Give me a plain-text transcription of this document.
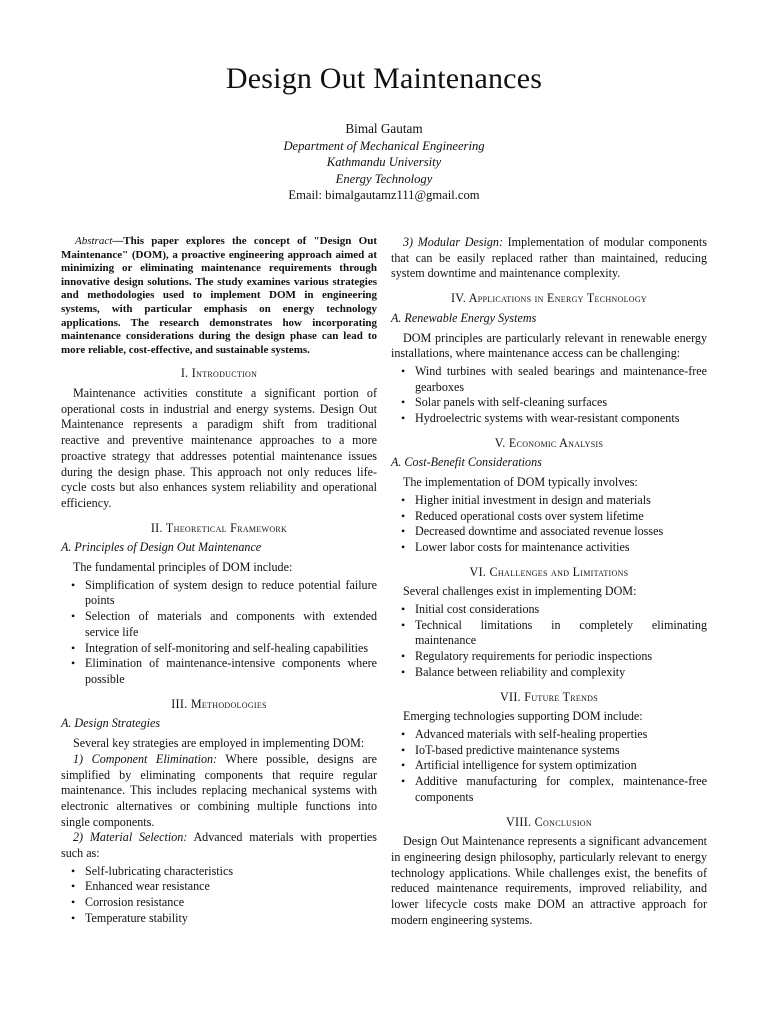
Design Out Maintenances
Bimal Gautam
Department of Mechanical Engineering
Kathmandu University
Energy Technology
Email: bimalgautamz111@gmail.com

Abstract—This paper explores the concept of "Design Out Maintenance" (DOM), a proactive engineering approach aimed at minimizing or eliminating maintenance requirements through innovative design solutions. The study examines various strategies and methodologies used to implement DOM in engineering systems, with particular emphasis on energy technology applications. The research demonstrates how incorporating maintenance considerations during the design phase can lead to more reliable, cost-effective, and sustainable systems.

I. Introduction

Maintenance activities constitute a significant portion of operational costs in industrial and energy systems. Design Out Maintenance represents a paradigm shift from traditional reactive and preventive maintenance approaches to a more proactive strategy that addresses potential maintenance issues during the design phase. This approach not only reduces life-cycle costs but also enhances system reliability and operational efficiency.

II. Theoretical Framework
A. Principles of Design Out Maintenance

The fundamental principles of DOM include:

• Simplification of system design to reduce potential failure points
• Selection of materials and components with extended service life
• Integration of self-monitoring and self-healing capabilities
• Elimination of maintenance-intensive components where possible
III. Methodologies
A. Design Strategies

Several key strategies are employed in implementing DOM:

1) Component Elimination: Where possible, designs are simplified by eliminating components that require regular maintenance. This includes replacing mechanical systems with electronic alternatives or combining multiple functions into single components.

2) Material Selection: Advanced materials with properties such as:

• Self-lubricating characteristics
• Enhanced wear resistance
• Corrosion resistance
• Temperature stability

3) Modular Design: Implementation of modular components that can be easily replaced rather than maintained, reducing system downtime and maintenance complexity.

IV. Applications in Energy Technology
A. Renewable Energy Systems

DOM principles are particularly relevant in renewable energy installations, where maintenance access can be challenging:

• Wind turbines with sealed bearings and maintenance-free gearboxes
• Solar panels with self-cleaning surfaces
• Hydroelectric systems with wear-resistant components
V. Economic Analysis
A. Cost-Benefit Considerations

The implementation of DOM typically involves:

• Higher initial investment in design and materials
• Reduced operational costs over system lifetime
• Decreased downtime and associated revenue losses
• Lower labor costs for maintenance activities
VI. Challenges and Limitations

Several challenges exist in implementing DOM:

• Initial cost considerations
• Technical limitations in completely eliminating maintenance
• Regulatory requirements for periodic inspections
• Balance between reliability and complexity
VII. Future Trends

Emerging technologies supporting DOM include:

• Advanced materials with self-healing properties
• IoT-based predictive maintenance systems
• Artificial intelligence for system optimization
• Additive manufacturing for complex, maintenance-free components
VIII. Conclusion

Design Out Maintenance represents a significant advancement in engineering design philosophy, particularly relevant to energy technology applications. While challenges exist, the benefits of reduced maintenance requirements, improved reliability, and lower lifecycle costs make DOM an attractive approach for modern engineering systems.
